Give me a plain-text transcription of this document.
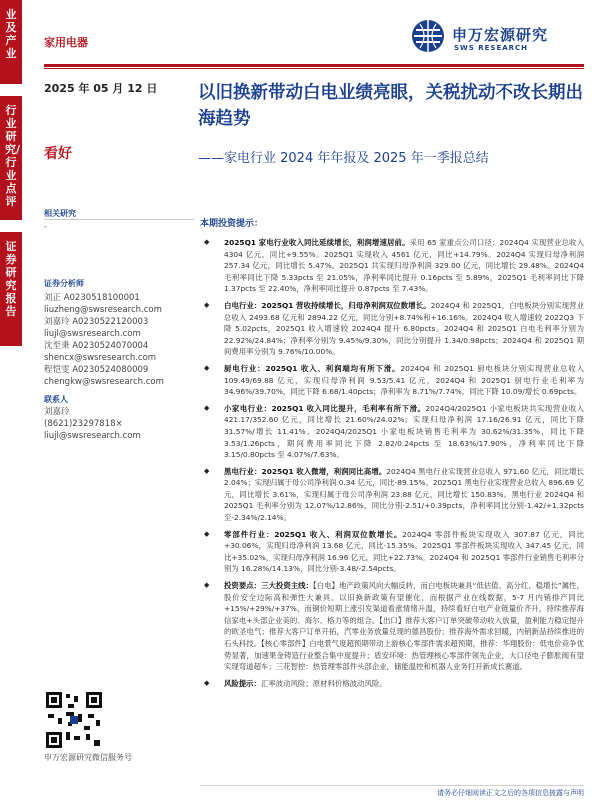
业及产业
行业研究/行业点评
证券研究报告
家用电器	申万宏源研究
SWS RESEARCH
2025 年 05 月 12 日
看好
相关研究
-
证券分析师
刘正 A0230518100001
liuzheng@swsresearch.com
刘嘉玲 A0230522120003
liujl@swsresearch.com
沈至秉 A0230524070004
shencx@swsresearch.com
程恺雯 A0230524080009
chengkw@swsresearch.com
联系人
刘嘉玲
(8621)23297818×
liujl@swsresearch.com
申万宏源研究微信服务号
以旧换新带动白电业绩亮眼，关税扰动不改长期出海趋势
——家电行业 2024 年年报及 2025 年一季报总结
本期投资提示：
◆ 2025Q1 家电行业收入同比延续增长，利润增速居前。采用 65 家重点公司口径：2024Q4 实现营业总收入 4304 亿元，同比+9.55%。2025Q1 实现收入 4561 亿元，同比+14.79%。2024Q4 实现归母净利润 257.34 亿元，同比增长 5.47%。2025Q1 共实现归母净利润 329.00 亿元，同比增长 29.48%。2024Q4 毛利率同比下降 5.33pcts 至 21.05%，净利率同比提升 0.16pcts 至 5.89%，2025Q1 毛利率同比下降 1.37pcts 至 22.40%，净利率同比提升 0.87pcts 至 7.43%。
◆ 白电行业：2025Q1 营收持续增长，归母净利润双位数增长。2024Q4 和 2025Q1，白电板块分别实现营业总收入 2493.68 亿元和 2894.22 亿元，同比分别+8.74%和+16.16%。2024Q4 收入增速较 2022Q3 下降 5.02pcts，2025Q1 收入增速较 2024Q4 提升 6.80pcts。2024Q4 和 2025Q1 白电毛利率分别为 22.92%/24.84%；净利率分别为 9.45%/9.30%，同比分别提升 1.34/0.98pcts；2024Q4 和 2025Q1 期间费用率分别为 9.76%/10.00%。
◆ 厨电行业：2025Q1 收入、利润端均有所下滑。2024Q4 和 2025Q1 厨电板块分别实现营业总收入 109.49/69.88 亿元，实现归母净利润 9.53/5.41 亿元，2024Q4 和 2025Q1 厨电行业毛利率为 34.96%/39.70%，同比下降 6.68/1.40pcts；净利率为 8.71%/7.74%，同比下降 10.09/增长 0.69pcts。
◆ 小家电行业：2025Q1 收入同比提升，毛利率有所下滑。2024Q4/2025Q1 小家电板块共实现营业收入 421.17/352.60 亿元，同比增长 21.60%/24.02%；实现归母净利润 17.16/26.91 亿元，同比下降 31.57%/增长 11.41%。2024Q4/2025Q1 小家电板块销售毛利率为 30.62%/31.35%，同比下降 3.53/1.26pcts，期间费用率同比下降 2.82/0.24pcts 至 18.63%/17.90%，净利率同比下降 3.15/0.80pcts 至 4.07%/7.63%。
◆ 黑电行业：2025Q1 收入微增，利润同比高增。2024Q4 黑电行业实现营业总收入 971.60 亿元，同比增长 2.04%；实现归属于母公司净利润 0.34 亿元，同比-89.15%。2025Q1 黑电行业实现营业总收入 896.69 亿元，同比增长 3.61%，实现归属于母公司净利润 23.88 亿元，同比增长 150.83%。黑电行业 2024Q4 和 2025Q1 毛利率分别为 12.07%/12.86%，同比分别-2.51/+0.39pcts，净利率同比分别-1.42/+1.32pcts 至-2.34%/2.14%。
◆ 零部件行业：2025Q1 收入、利润双位数增长。2024Q4 零部件板块实现收入 307.87 亿元，同比+30.06%，实现归母净利润 13.68 亿元，同比-15.35%。2025Q1 零部件板块实现收入 347.45 亿元，同比+35.02%，实现归母净利润 16.96 亿元，同比+22.73%。2024Q4 和 2025Q1 零部件行业销售毛利率分别为 16.28%/14.13%，同比分别-3.48/-2.54pcts。
◆ 投资要点：三大投资主线：【白电】地产政策风向大幅反转，而白电板块兼具“低估值、高分红、稳增长”属性，股价安全边际高和弹性大兼具。以旧换新政策有望催化，而根据产业在线数据，5-7 月内销排产同比+15%/+29%/+37%，而铜价短期上涨引发渠道看涨情绪升温，持续看好白电产业链量价齐升，持续推荐海信家电+头部企业美的、海尔、格力等的组合。【出口】推荐大客户订单突破带动收入放量，盈利能力稳定提升的欧圣电气；推荐大客户订单开拓，汽零业务放量兑现的德昌股份；推荐海外需求回暖，内销新品持续推进的石头科技。【核心零部件】白电景气度超预期带动上游核心零部件需求超预期，推荐：华翔股份：低电价竞争优势显著，加速果金铸造行业整合集中度提升；盾安环境：热管理核心零部件领先企业，大口径电子膨胀阀有望实现弯道超车；三花智控：热管理零部件头部企业，储能温控和机器人业务打开新成长赛道。
◆ 风险提示：汇率波动风险；原材料价格波动风险。
请务必仔细阅读正文之后的各项信息披露与声明
